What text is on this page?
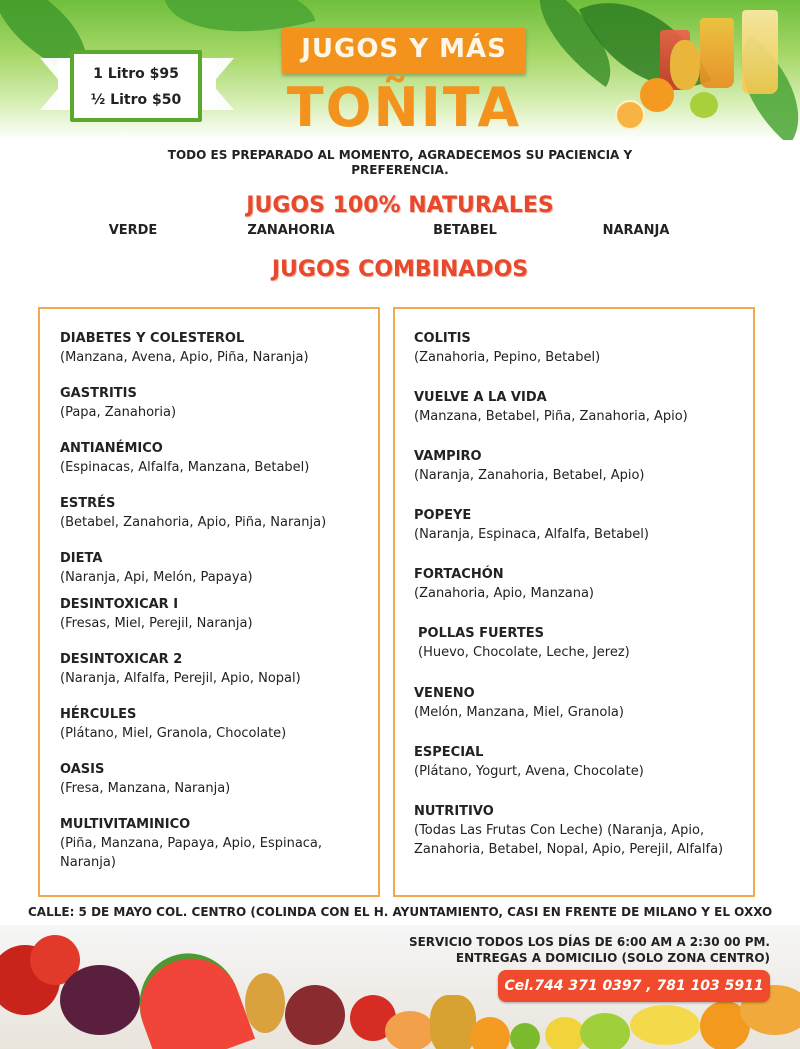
1 Litro $95
½ Litro $50
JUGOS Y MÁS
TOÑITA
TODO ES PREPARADO AL MOMENTO, AGRADECEMOS SU PACIENCIA Y PREFERENCIA.
JUGOS 100% NATURALES
VERDE	ZANAHORIA	BETABEL	NARANJA
JUGOS COMBINADOS
DIABETES Y COLESTEROL
(Manzana, Avena, Apio, Piña, Naranja)
GASTRITIS
(Papa, Zanahoria)
ANTIANÉMICO
(Espinacas, Alfalfa, Manzana, Betabel)
ESTRÉS
(Betabel, Zanahoria, Apio, Piña, Naranja)
DIETA
(Naranja, Api, Melón, Papaya)
DESINTOXICAR I
(Fresas, Miel, Perejil, Naranja)
DESINTOXICAR 2
(Naranja, Alfalfa, Perejil, Apio, Nopal)
HÉRCULES
(Plátano, Miel, Granola, Chocolate)
OASIS
(Fresa, Manzana, Naranja)
MULTIVITAMINICO
(Piña, Manzana, Papaya, Apio, Espinaca, Naranja)
COLITIS
(Zanahoria, Pepino, Betabel)
VUELVE A LA VIDA
(Manzana, Betabel, Piña, Zanahoria, Apio)
VAMPIRO
(Naranja, Zanahoria, Betabel, Apio)
POPEYE
(Naranja, Espinaca, Alfalfa, Betabel)
FORTACHÓN
(Zanahoria, Apio, Manzana)
POLLAS FUERTES
(Huevo, Chocolate, Leche, Jerez)
VENENO
(Melón, Manzana, Miel, Granola)
ESPECIAL
(Plátano, Yogurt, Avena, Chocolate)
NUTRITIVO
(Todas Las Frutas Con Leche) (Naranja, Apio, Zanahoria, Betabel, Nopal, Apio, Perejil, Alfalfa)
CALLE: 5 DE MAYO COL. CENTRO (COLINDA CON EL H. AYUNTAMIENTO, CASI EN FRENTE DE MILANO Y EL OXXO
SERVICIO TODOS LOS DÍAS DE 6:00 AM A 2:30 00 PM.
ENTREGAS A DOMICILIO (SOLO ZONA CENTRO)
Cel.744 371 0397 , 781 103 5911
